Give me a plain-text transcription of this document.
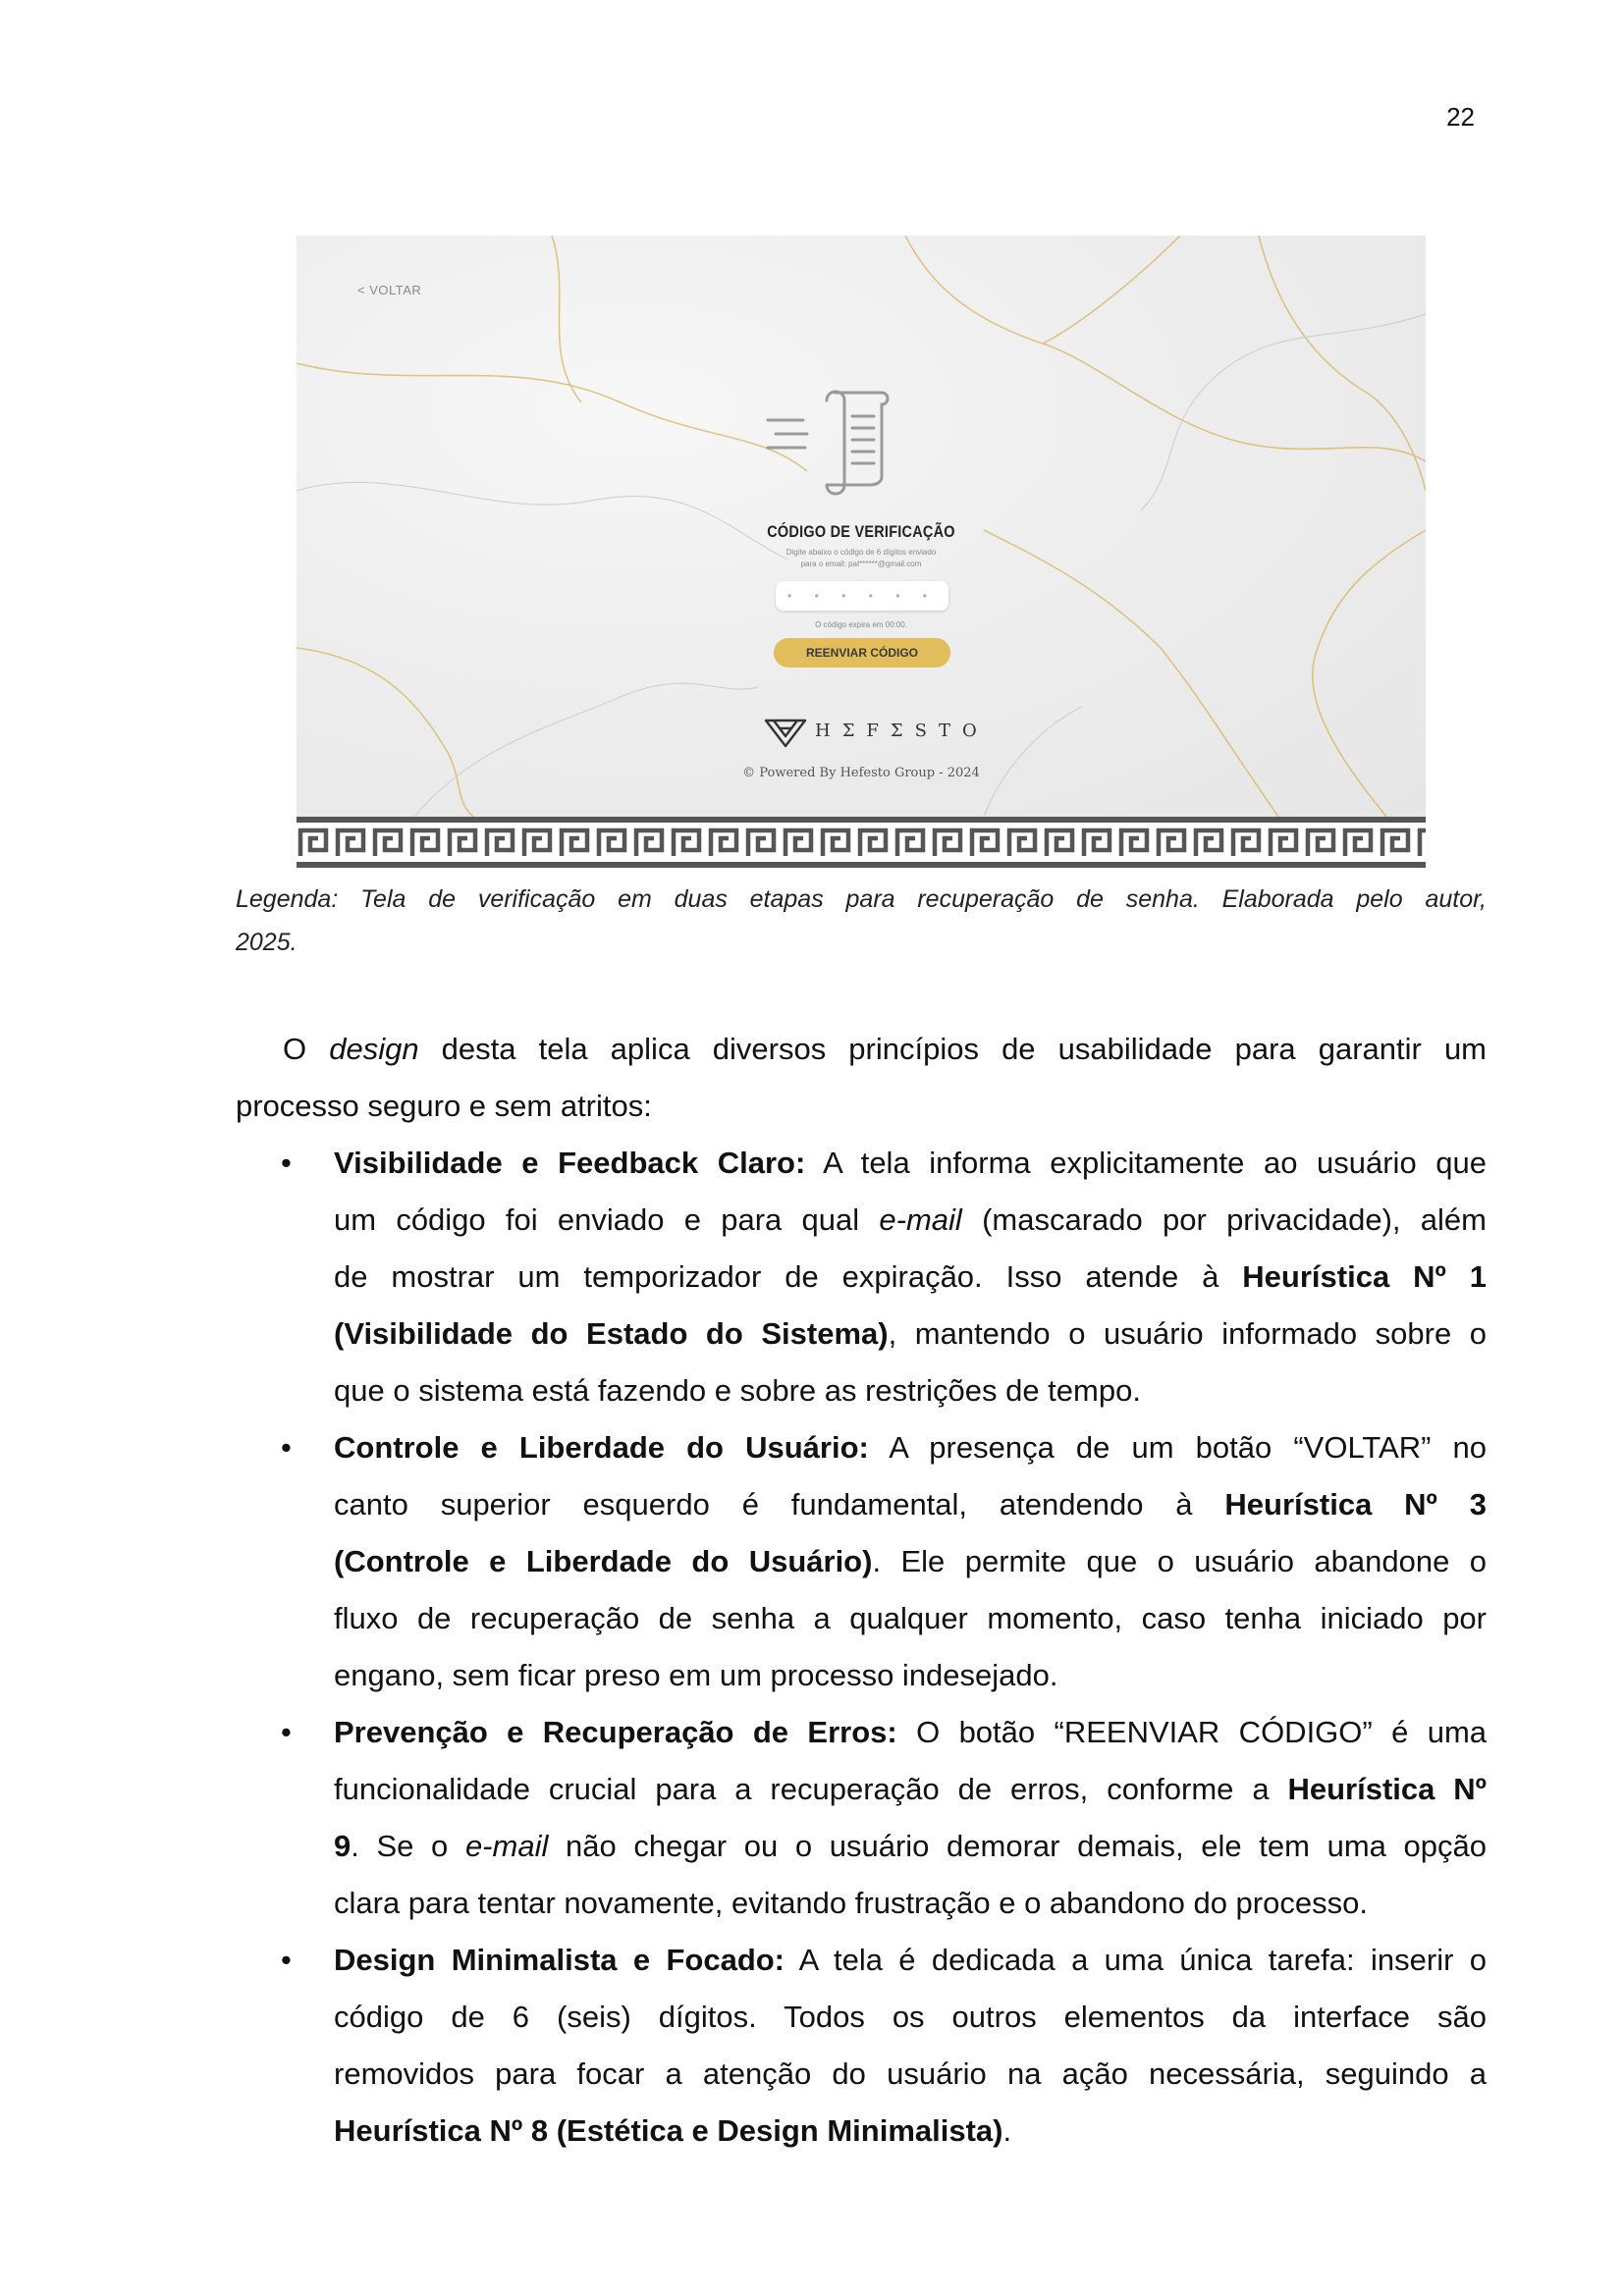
22
< VOLTAR
CÓDIGO DE VERIFICAÇÃO
Digite abaixo o código de 6 dígitos enviado
para o email: pat******@gmail.com
• • • • • •
O código expira em 00:00.
REENVIAR CÓDIGO
HΣFΣSTO
© Powered By Hefesto Group - 2024
Legenda: Tela de verificação em duas etapas para recuperação de senha. Elaborada pelo autor,
2025.
O design desta tela aplica diversos princípios de usabilidade para garantir um
processo seguro e sem atritos:
• Visibilidade e Feedback Claro: A tela informa explicitamente ao usuário que
um código foi enviado e para qual e-mail (mascarado por privacidade), além
de mostrar um temporizador de expiração. Isso atende à Heurística Nº 1
(Visibilidade do Estado do Sistema), mantendo o usuário informado sobre o
que o sistema está fazendo e sobre as restrições de tempo.
• Controle e Liberdade do Usuário: A presença de um botão “VOLTAR” no
canto superior esquerdo é fundamental, atendendo à Heurística Nº 3
(Controle e Liberdade do Usuário). Ele permite que o usuário abandone o
fluxo de recuperação de senha a qualquer momento, caso tenha iniciado por
engano, sem ficar preso em um processo indesejado.
• Prevenção e Recuperação de Erros: O botão “REENVIAR CÓDIGO” é uma
funcionalidade crucial para a recuperação de erros, conforme a Heurística Nº
9. Se o e-mail não chegar ou o usuário demorar demais, ele tem uma opção
clara para tentar novamente, evitando frustração e o abandono do processo.
• Design Minimalista e Focado: A tela é dedicada a uma única tarefa: inserir o
código de 6 (seis) dígitos. Todos os outros elementos da interface são
removidos para focar a atenção do usuário na ação necessária, seguindo a
Heurística Nº 8 (Estética e Design Minimalista).
